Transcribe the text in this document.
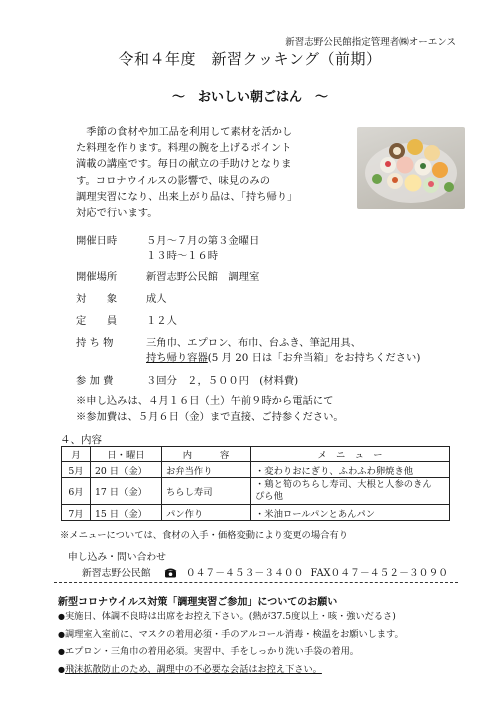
新習志野公民館指定管理者㈱オーエンス
令和４年度　新習クッキング（前期）
～　おいしい朝ごはん　～

　季節の食材や加工品を利用して素材を活かし

た料理を作ります。料理の腕を上げるポイント

満載の講座です。毎日の献立の手助けとなりま

す。コロナウイルスの影響で、味見のみの

調理実習になり、出来上がり品は、「持ち帰り」

対応で行います。

開催日時	５月～７月の第３金曜日
１３時～１６時
開催場所	新習志野公民館　調理室
対　　象	成人
定　　員	１２人
持 ち 物	三角巾、エプロン、布巾、台ふき、筆記用具、
持ち帰り容器(5 月 20 日は「お弁当箱」をお持ちください)
参 加 費	３回分　２，５００円　(材料費)

※申し込みは、４月１６日（土）午前９時から電話にて

※参加費は、５月６日（金）まで直接、ご持参ください。

４、内容
月	日・曜日	内　　　容	メ　ニ　ュ　ー
5月	20 日（金）	お弁当作り	・変わりおにぎり、ふわふわ卵焼き他
6月	17 日（金）	ちらし寿司	・鶏と筍のちらし寿司、大根と人参のきん
ぴら他

7月	15 日（金）	パン作り	・米油ロールパンとあんパン
※メニューについては、食材の入手・価格変動により変更の場合有り
申し込み・問い合わせ
新習志野公民館	０４７－４５３－３４００ FAX０４７－４５２－３０９０
新型コロナウイルス対策「調理実習ご参加」についてのお願い

●実施日、体調不良時は出席をお控え下さい。(熱が37.5度以上・咳・強いだるさ)

●調理室入室前に、マスクの着用必須・手のアルコール消毒・検温をお願いします。

●エプロン・三角巾の着用必須。実習中、手をしっかり洗い手袋の着用。

●飛沫拡散防止のため、調理中の不必要な会話はお控え下さい。
